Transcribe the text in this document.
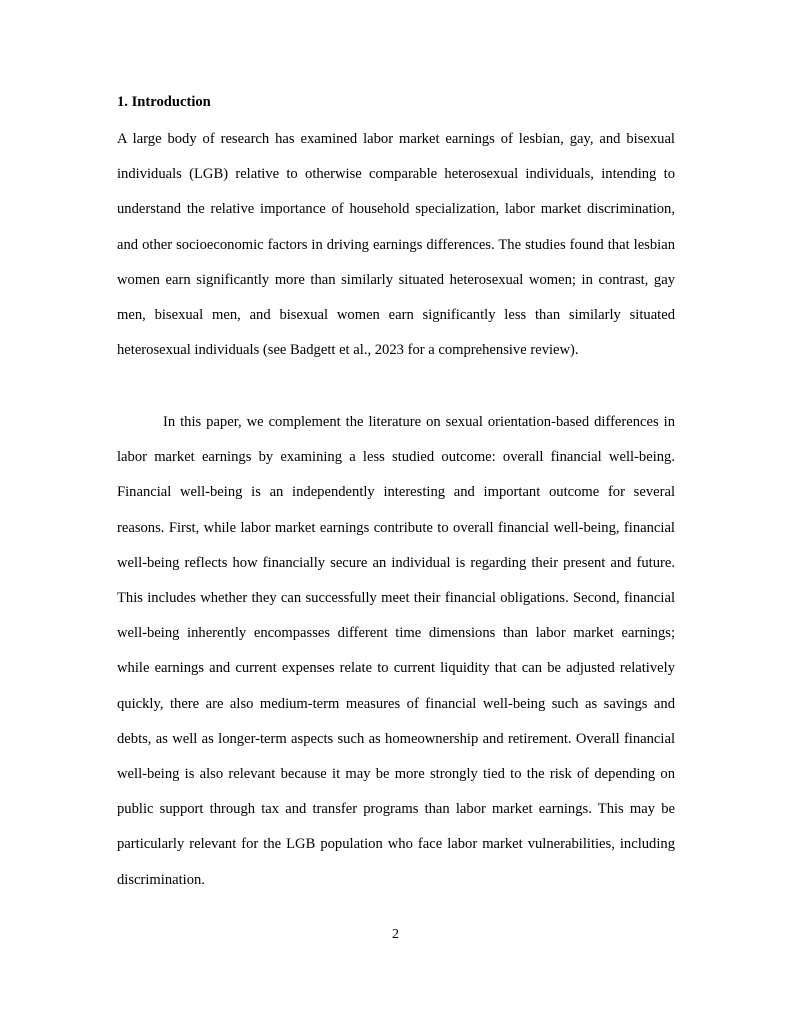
1. Introduction

A large body of research has examined labor market earnings of lesbian, gay, and bisexual individuals (LGB) relative to otherwise comparable heterosexual individuals, intending to understand the relative importance of household specialization, labor market discrimination, and other socioeconomic factors in driving earnings differences. The studies found that lesbian women earn significantly more than similarly situated heterosexual women; in contrast, gay men, bisexual men, and bisexual women earn significantly less than similarly situated heterosexual individuals (see Badgett et al., 2023 for a comprehensive review).

In this paper, we complement the literature on sexual orientation-based differences in labor market earnings by examining a less studied outcome: overall financial well-being. Financial well-being is an independently interesting and important outcome for several reasons. First, while labor market earnings contribute to overall financial well-being, financial well-being reflects how financially secure an individual is regarding their present and future. This includes whether they can successfully meet their financial obligations. Second, financial well-being inherently encompasses different time dimensions than labor market earnings; while earnings and current expenses relate to current liquidity that can be adjusted relatively quickly, there are also medium-term measures of financial well-being such as savings and debts, as well as longer-term aspects such as homeownership and retirement. Overall financial well-being is also relevant because it may be more strongly tied to the risk of depending on public support through tax and transfer programs than labor market earnings. This may be particularly relevant for the LGB population who face labor market vulnerabilities, including discrimination.

2
